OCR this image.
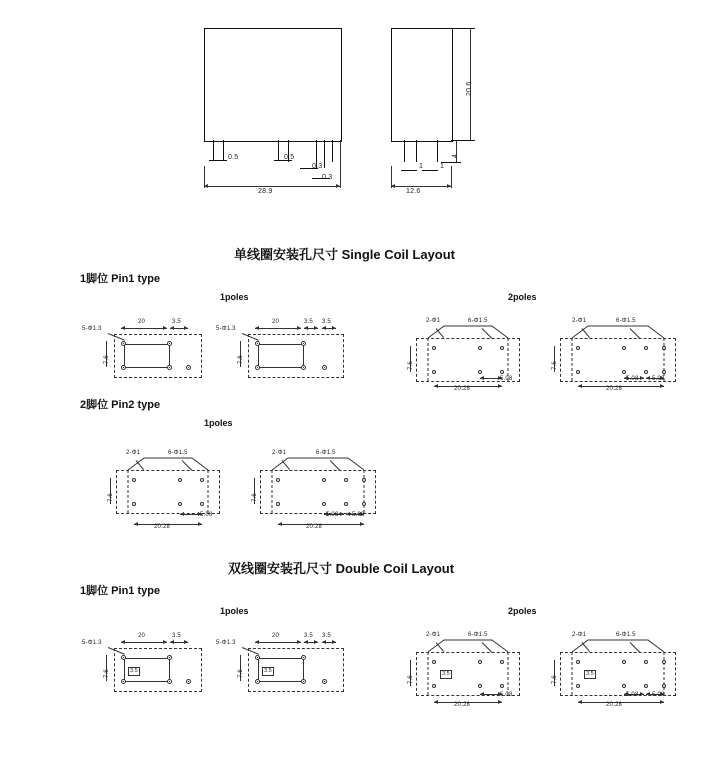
0.5	0.5
0.3
0.3
28.9
20.6
4
1 1
12.6
单线圈安装孔尺寸 Single Coil Layout
1脚位 Pin1 type
1poles	2poles
5-Φ1.3
20	3.5
7.6
5-Φ1.3
20	3.5 3.5
7.6
2-Φ1	6-Φ1.5
7.6
20.28
5.08
2-Φ1	6-Φ1.5
7.6
20.28
5.08 5.08
2脚位 Pin2 type
1poles
2-Φ1	6-Φ1.5
7.6
20.28
5.08
2-Φ1	6-Φ1.5
7.6
20.28
5.08 5.08
双线圈安装孔尺寸 Double Coil Layout
1脚位 Pin1 type
1poles	2poles
3.5
5-Φ1.3
20	3.5
7.6	3.5
5-Φ1.3
20	3.5 3.5
7.6	3.5
2-Φ1	6-Φ1.5
7.6
20.28
5.08
3.5
2-Φ1	6-Φ1.5
7.6
20.28
5.08 5.08
